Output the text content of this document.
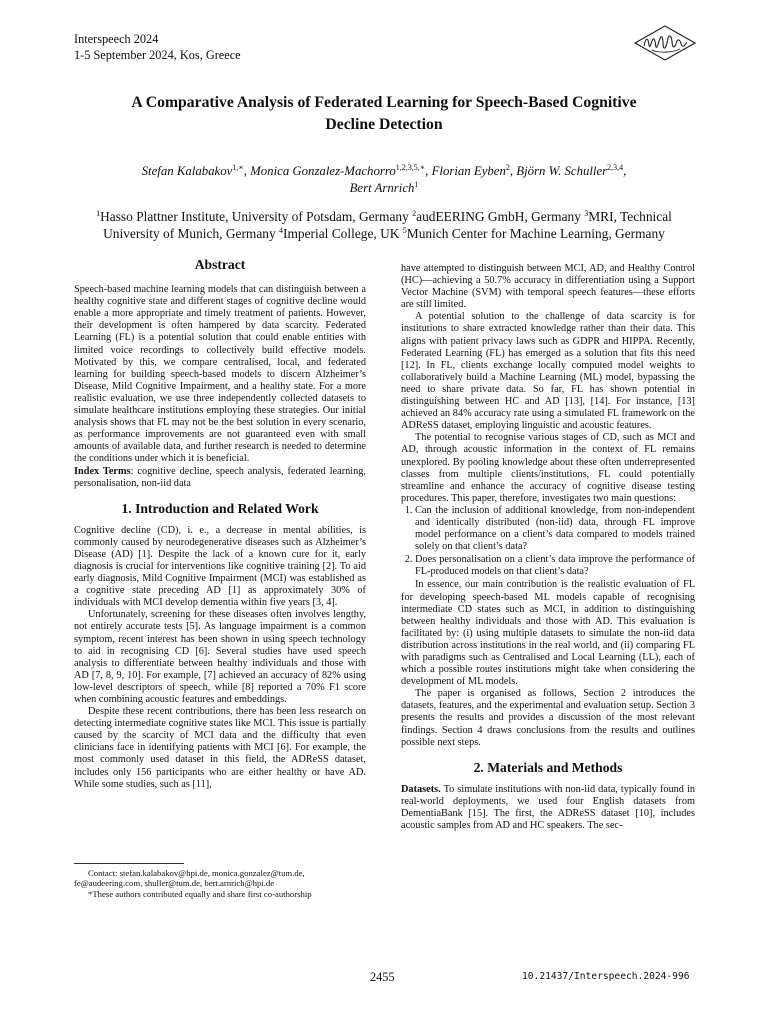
Interspeech 2024
1-5 September 2024, Kos, Greece
A Comparative Analysis of Federated Learning for Speech-Based Cognitive
Decline Detection
Stefan Kalabakov$^{1,∗}$, Monica Gonzalez-Machorro$^{1,2,3,5,∗}$, Florian Eyben$^2$, Björn W. Schuller$^{2,3,4}$,
Bert Arnrich$^1$
$^1$Hasso Plattner Institute, University of Potsdam, Germany $^2$audEERING GmbH, Germany $^3$MRI, Technical University of Munich, Germany $^4$Imperial College, UK $^5$Munich Center for Machine Learning, Germany
Abstract

Speech-based machine learning models that can distinguish between a healthy cognitive state and different stages of cognitive decline would enable a more appropriate and timely treatment of patients. However, their development is often hampered by data scarcity. Federated Learning (FL) is a potential solution that could enable entities with limited voice recordings to collectively build effective models. Motivated by this, we compare centralised, local, and federated learning for building speech-based models to discern Alzheimer’s Disease, Mild Cognitive Impairment, and a healthy state. For a more realistic evaluation, we use three independently collected datasets to simulate healthcare institutions employing these strategies. Our initial analysis shows that FL may not be the best solution in every scenario, as performance improvements are not guaranteed even with small amounts of available data, and further research is needed to determine the conditions under which it is beneficial.

Index Terms: cognitive decline, speech analysis, federated learning, personalisation, non-iid data

1. Introduction and Related Work

Cognitive decline (CD), i. e., a decrease in mental abilities, is commonly caused by neurodegenerative diseases such as Alzheimer’s Disease (AD) [1]. Despite the lack of a known cure for it, early diagnosis is crucial for interventions like cognitive training [2]. To aid early diagnosis, Mild Cognitive Impairment (MCI) was established as a cognitive state preceding AD [1] as approximately 30% of individuals with MCI develop dementia within five years [3, 4].

Unfortunately, screening for these diseases often involves lengthy, not entirely accurate tests [5]. As language impairment is a common symptom, recent interest has been shown in using speech technology to aid in recognising CD [6]. Several studies have used speech analysis to differentiate between healthy individuals and those with AD [7, 8, 9, 10]. For example, [7] achieved an accuracy of 82% using low-level descriptors of speech, while [8] reported a 70% F1 score when combining acoustic features and embeddings.

Despite these recent contributions, there has been less research on detecting intermediate cognitive states like MCI. This issue is partially caused by the scarcity of MCI data and the difficulty that even clinicians face in identifying patients with MCI [6]. For example, the most commonly used dataset in this field, the ADReSS dataset, includes only 156 participants who are either healthy or have AD. While some studies, such as [11],

Contact: stefan.kalabakov@hpi.de, monica.gonzalez@tum.de, fe@audeering.com, shuller@tum.de, bert.arnrich@hpi.de

*These authors contributed equally and share first co-authorship

have attempted to distinguish between MCI, AD, and Healthy Control (HC)—achieving a 50.7% accuracy in differentiation using a Support Vector Machine (SVM) with temporal speech features—these efforts are still limited.

A potential solution to the challenge of data scarcity is for institutions to share extracted knowledge rather than their data. This aligns with patient privacy laws such as GDPR and HIPPA. Recently, Federated Learning (FL) has emerged as a solution that fits this need [12]. In FL, clients exchange locally computed model weights to collaboratively build a Machine Learning (ML) model, bypassing the need to share private data. So far, FL has shown potential in distinguishing between HC and AD [13], [14]. For instance, [13] achieved an 84% accuracy rate using a simulated FL framework on the ADReSS dataset, employing linguistic and acoustic features.

The potential to recognise various stages of CD, such as MCI and AD, through acoustic information in the context of FL remains unexplored. By pooling knowledge about these often underrepresented classes from multiple clients/institutions, FL could potentially streamline and enhance the accuracy of cognitive disease testing procedures. This paper, therefore, investigates two main questions:

1. Can the inclusion of additional knowledge, from non-independent and identically distributed (non-iid) data, through FL improve model performance on a client’s data compared to models trained solely on that client’s data?
2. Does personalisation on a client’s data improve the performance of FL-produced models on that client’s data?

In essence, our main contribution is the realistic evaluation of FL for developing speech-based ML models capable of recognising intermediate CD states such as MCI, in addition to distinguishing between healthy individuals and those with AD. This evaluation is facilitated by: (i) using multiple datasets to simulate the non-iid data distribution across institutions in the real world, and (ii) comparing FL with paradigms such as Centralised and Local Learning (LL), each of which a possible routes institutions might take when considering the development of ML models.

The paper is organised as follows, Section 2 introduces the datasets, features, and the experimental and evaluation setup. Section 3 presents the results and provides a discussion of the most relevant findings. Section 4 draws conclusions from the results and outlines possible next steps.

2. Materials and Methods

Datasets. To simulate institutions with non-iid data, typically found in real-world deployments, we used four English datasets from DementiaBank [15]. The first, the ADReSS dataset [10], includes acoustic samples from AD and HC speakers. The sec-

2455	10.21437/Interspeech.2024-996
